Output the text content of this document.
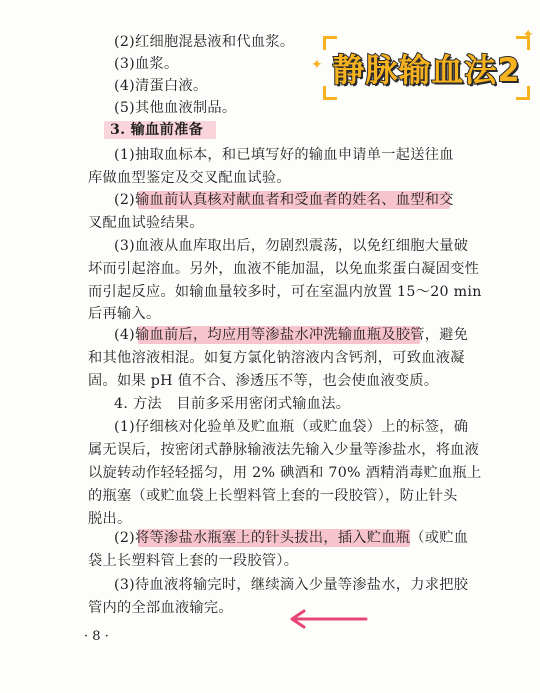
(2)红细胞混悬液和代血浆。
(3)血浆。
(4)清蛋白液。
(5)其他血液制品。
3. 输血前准备
(1)抽取血标本，和已填写好的输血申请单一起送往血
库做血型鉴定及交叉配血试验。
(2)输血前认真核对献血者和受血者的姓名、血型和交
叉配血试验结果。
(3)血液从血库取出后，勿剧烈震荡，以免红细胞大量破
坏而引起溶血。另外，血液不能加温，以免血浆蛋白凝固变性
而引起反应。如输血量较多时，可在室温内放置 15～20 min
后再输入。
(4)输血前后，均应用等渗盐水冲洗输血瓶及胶管，避免
和其他溶液相混。如复方氯化钠溶液内含钙剂，可致血液凝
固。如果 pH 值不合、渗透压不等，也会使血液变质。
4. 方法　目前多采用密闭式输血法。
(1)仔细核对化验单及贮血瓶（或贮血袋）上的标签，确
属无误后，按密闭式静脉输液法先输入少量等渗盐水，将血液
以旋转动作轻轻摇匀，用 2% 碘酒和 70% 酒精消毒贮血瓶上
的瓶塞（或贮血袋上长塑料管上套的一段胶管），防止针头
脱出。
(2)将等渗盐水瓶塞上的针头拔出，插入贮血瓶（或贮血
袋上长塑料管上套的一段胶管）。
(3)待血液将输完时，继续滴入少量等渗盐水，力求把胶
管内的全部血液输完。
✦
✦
静脉输血法2
· 8 ·
